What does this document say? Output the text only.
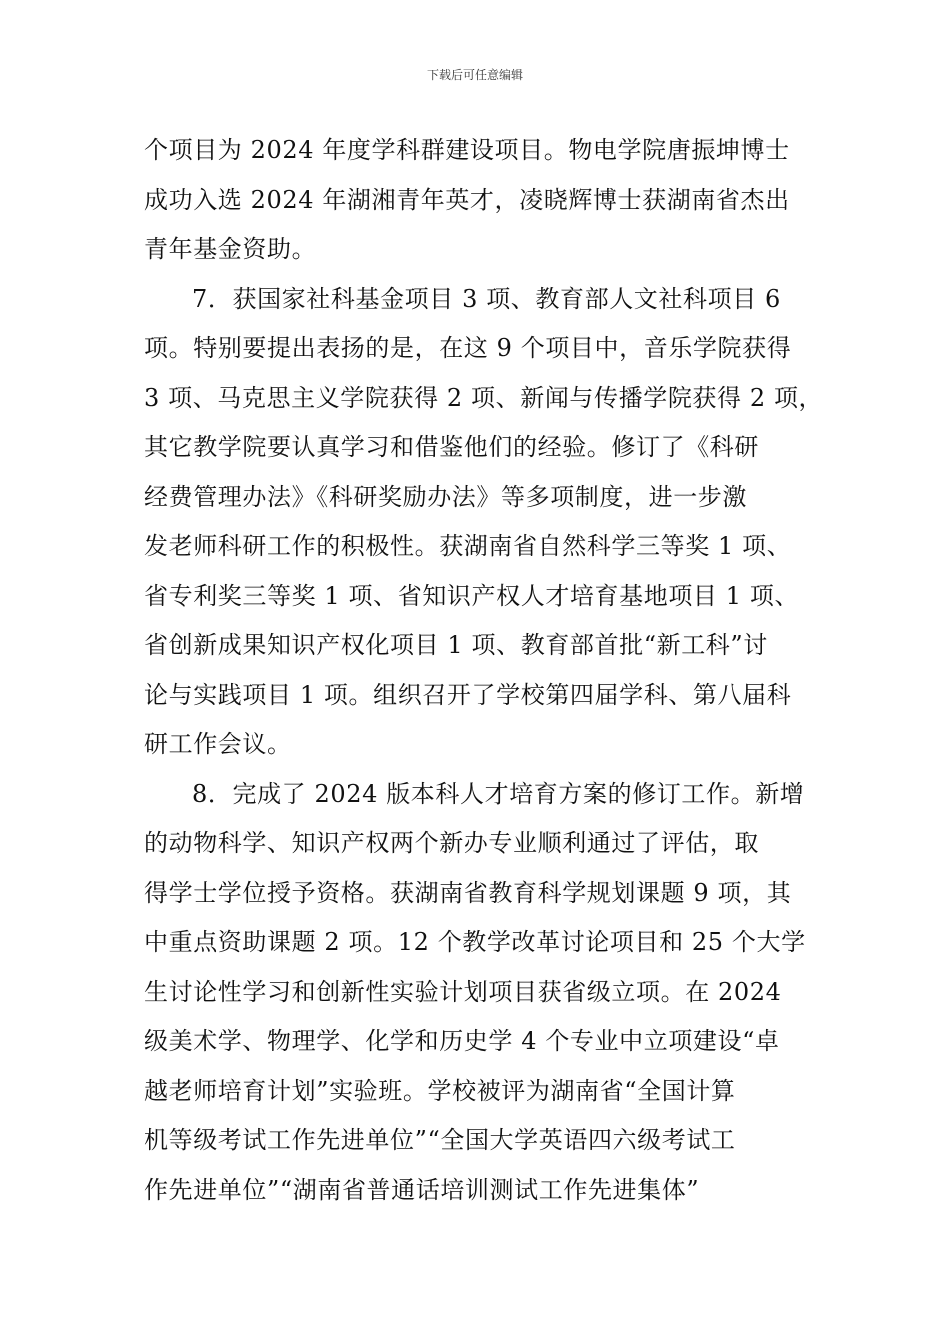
下载后可任意编辑
个项目为 2024 年度学科群建设项目。物电学院唐振坤博士
成功入选 2024 年湖湘青年英才，凌晓辉博士获湖南省杰出
青年基金资助。
7．获国家社科基金项目 3 项、教育部人文社科项目 6
项。特别要提出表扬的是，在这 9 个项目中，音乐学院获得
3 项、马克思主义学院获得 2 项、新闻与传播学院获得 2 项，
其它教学院要认真学习和借鉴他们的经验。修订了《科研
经费管理办法》《科研奖励办法》等多项制度，进一步激
发老师科研工作的积极性。获湖南省自然科学三等奖 1 项、
省专利奖三等奖 1 项、省知识产权人才培育基地项目 1 项、
省创新成果知识产权化项目 1 项、教育部首批“新工科”讨
论与实践项目 1 项。组织召开了学校第四届学科、第八届科
研工作会议。
8．完成了 2024 版本科人才培育方案的修订工作。新增
的动物科学、知识产权两个新办专业顺利通过了评估，取
得学士学位授予资格。获湖南省教育科学规划课题 9 项，其
中重点资助课题 2 项。12 个教学改革讨论项目和 25 个大学
生讨论性学习和创新性实验计划项目获省级立项。在 2024
级美术学、物理学、化学和历史学 4 个专业中立项建设“卓
越老师培育计划”实验班。学校被评为湖南省“全国计算
机等级考试工作先进单位”“全国大学英语四六级考试工
作先进单位”“湖南省普通话培训测试工作先进集体”
